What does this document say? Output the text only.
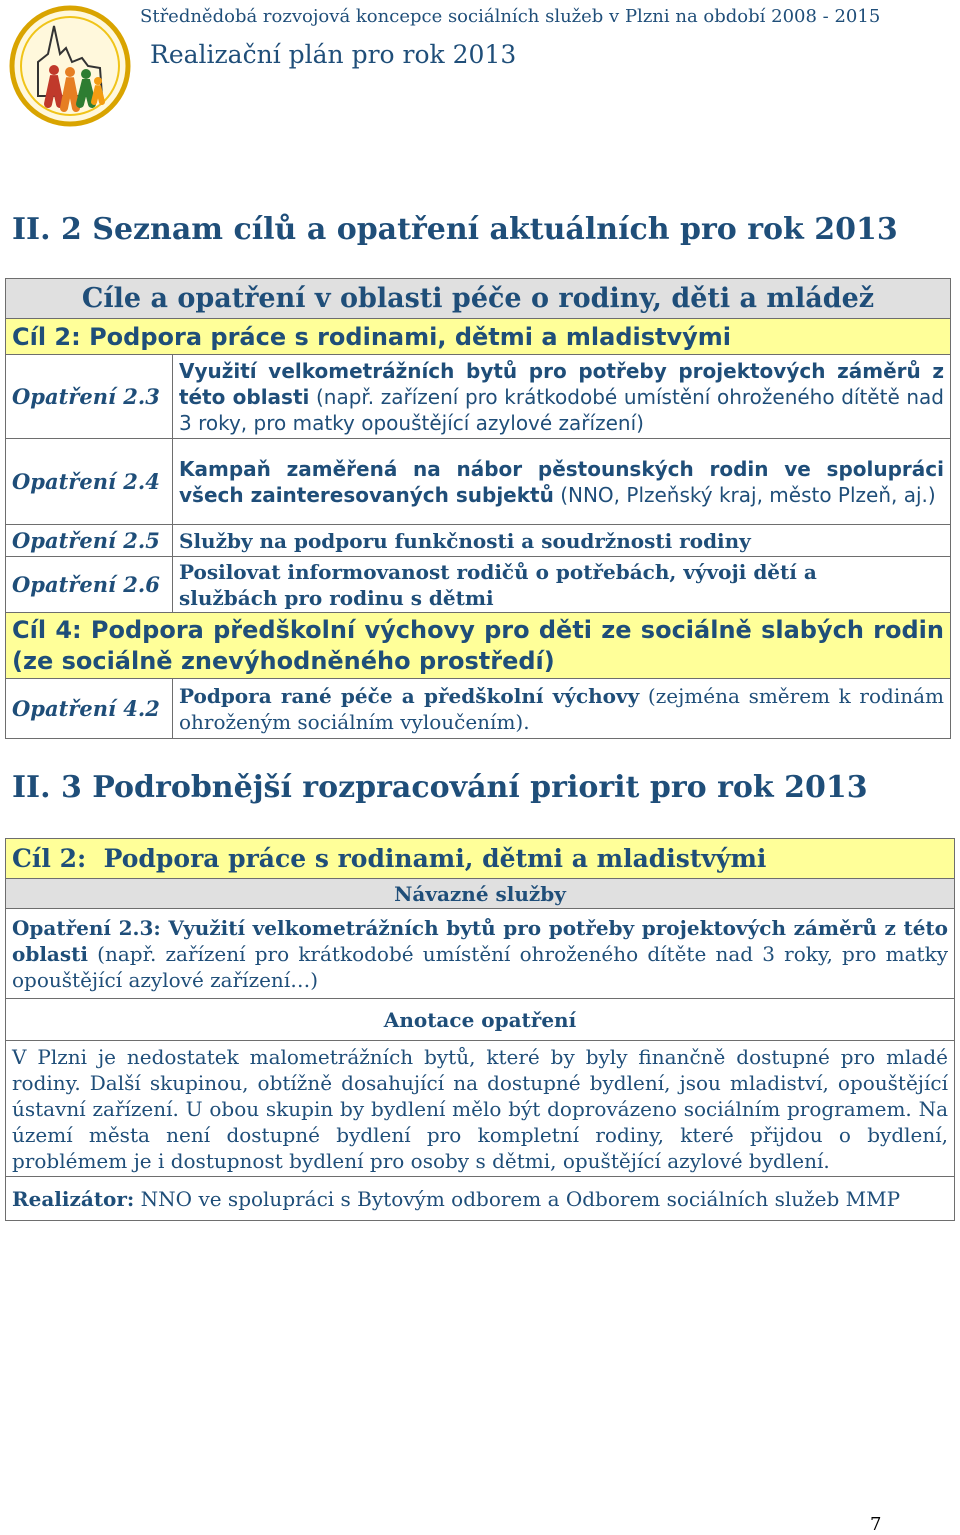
Střednědobá rozvojová koncepce sociálních služeb v Plzni na období 2008 - 2015
Realizační plán pro rok 2013
II. 2 Seznam cílů a opatření aktuálních pro rok 2013
Cíle a opatření v oblasti péče o rodiny, děti a mládež	
Cíl 2: Podpora práce s rodinami, dětmi a mladistvými	
Opatření 2.3	Využití velkometrážních bytů pro potřeby projektových záměrů z této oblasti (např. zařízení pro krátkodobé umístění ohroženého dítětě nad 3 roky, pro matky opouštějící azylové zařízení)
Opatření 2.4	Kampaň zaměřená na nábor pěstounských rodin ve spolupráci všech zainteresovaných subjektů (NNO, Plzeňský kraj, město Plzeň, aj.)
Opatření 2.5	Služby na podporu funkčnosti a soudržnosti rodiny
Opatření 2.6	Posilovat informovanost rodičů o potřebách, vývoji dětí a službách pro rodinu s dětmi
Cíl 4: Podpora předškolní výchovy pro děti ze sociálně slabých rodin (ze sociálně znevýhodněného prostředí)	
Opatření 4.2	Podpora rané péče a předškolní výchovy (zejména směrem k rodinám ohroženým sociálním vyloučením).
II. 3 Podrobnější rozpracování priorit pro rok 2013
Cíl 2:  Podpora práce s rodinami, dětmi a mladistvými
Návazné služby
Opatření 2.3: Využití velkometrážních bytů pro potřeby projektových záměrů z této oblasti (např. zařízení pro krátkodobé umístění ohroženého dítěte nad 3 roky, pro matky opouštějící azylové zařízení…)
Anotace opatření
V Plzni je nedostatek malometrážních bytů, které by byly finančně dostupné pro mladé rodiny. Další skupinou, obtížně dosahující na dostupné bydlení, jsou mladiství, opouštějící ústavní zařízení. U obou skupin by bydlení mělo být doprovázeno sociálním programem. Na území města není dostupné bydlení pro kompletní rodiny, které přijdou o bydlení, problémem je i dostupnost bydlení pro osoby s dětmi, opuštějící azylové bydlení.
Realizátor: NNO ve spolupráci s Bytovým odborem a Odborem sociálních služeb MMP
7
